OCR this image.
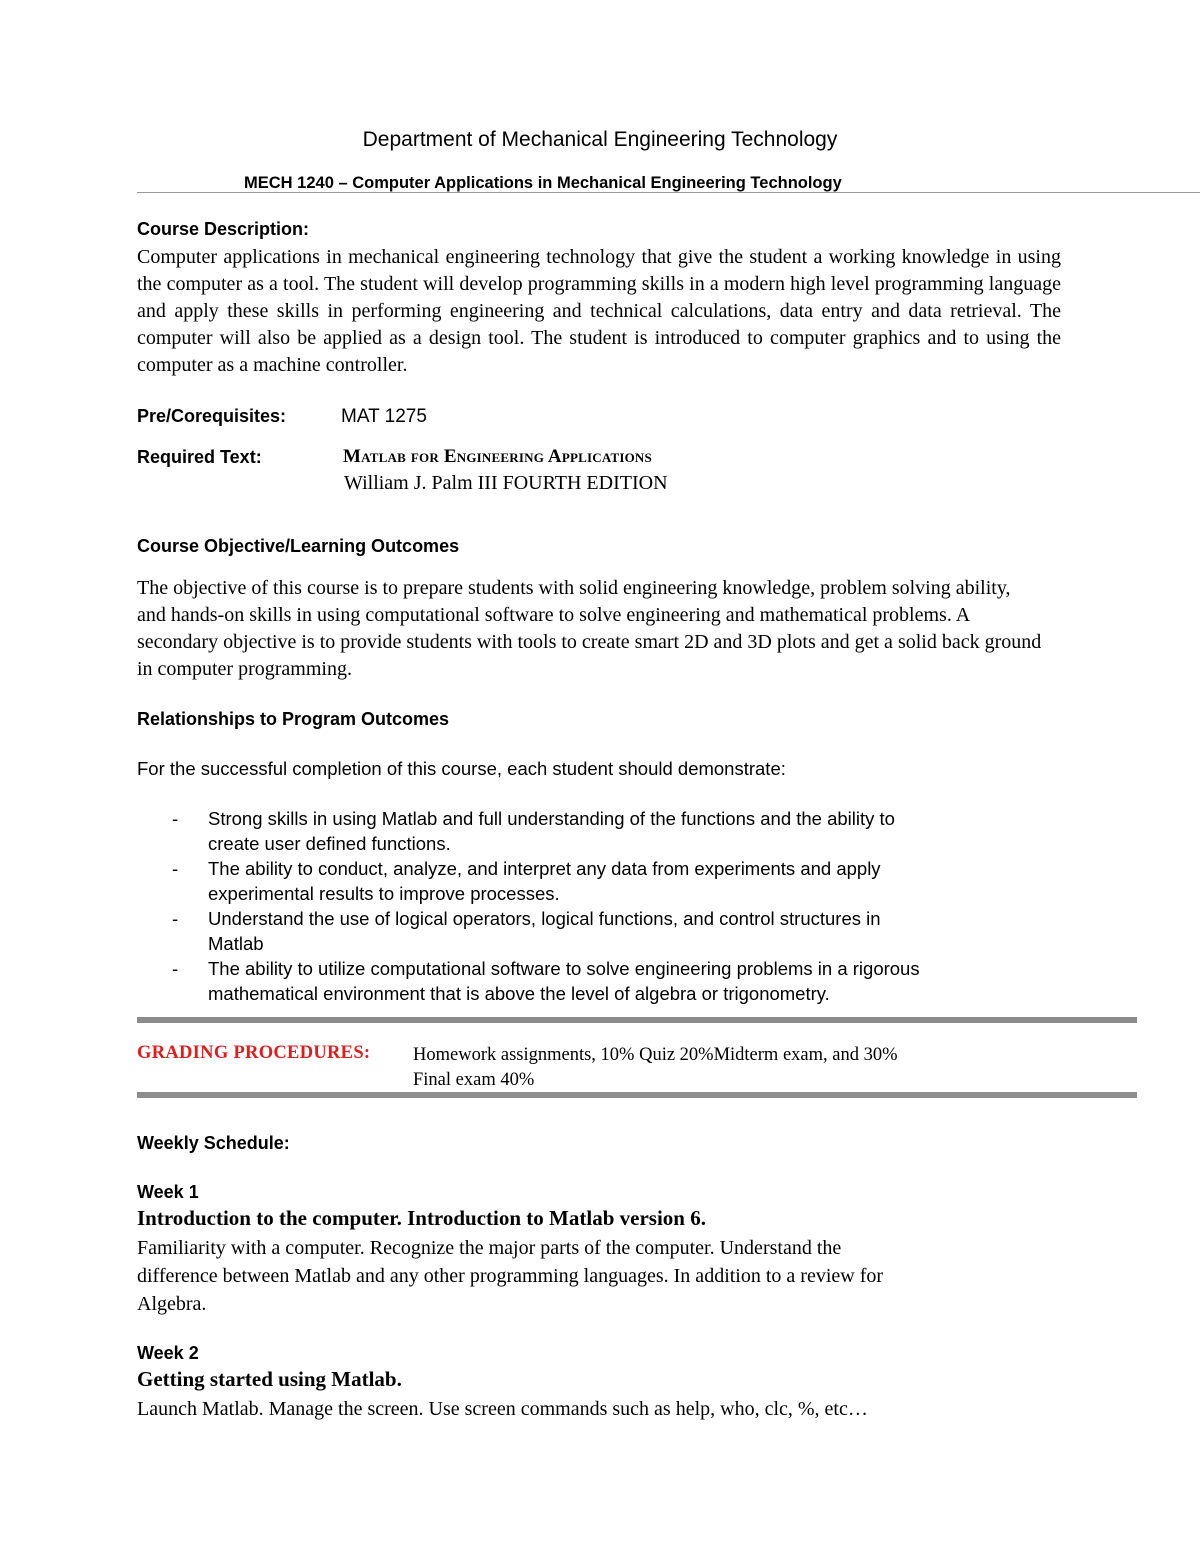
Department of Mechanical Engineering Technology
MECH 1240 – Computer Applications in Mechanical Engineering Technology
Course Description:
Computer applications in mechanical engineering technology that give the student a working knowledge in using the computer as a tool. The student will develop programming skills in a modern high level programming language and apply these skills in performing engineering and technical calculations, data entry and data retrieval. The computer will also be applied as a design tool. The student is introduced to computer graphics and to using the computer as a machine controller.
Pre/Corequisites:	MAT 1275
Required Text:	Matlab for Engineering Applications
William J. Palm III FOURTH EDITION
Course Objective/Learning Outcomes
The objective of this course is to prepare students with solid engineering knowledge, problem solving ability, and hands-on skills in using computational software to solve engineering and mathematical problems. A secondary objective is to provide students with tools to create smart 2D and 3D plots and get a solid back ground in computer programming.
Relationships to Program Outcomes
For the successful completion of this course, each student should demonstrate:
- Strong skills in using Matlab and full understanding of the functions and the ability to
create user defined functions.
- The ability to conduct, analyze, and interpret any data from experiments and apply
experimental results to improve processes.
- Understand the use of logical operators, logical functions, and control structures in
Matlab
- The ability to utilize computational software to solve engineering problems in a rigorous
mathematical environment that is above the level of algebra or trigonometry.
GRADING PROCEDURES: Homework assignments, 10% Quiz 20%Midterm exam, and 30%
Final exam 40%
Weekly Schedule:
Week 1
Introduction to the computer. Introduction to Matlab version 6.
Familiarity with a computer. Recognize the major parts of the computer. Understand the
difference between Matlab and any other programming languages. In addition to a review for
Algebra.
Week 2
Getting started using Matlab.
Launch Matlab. Manage the screen. Use screen commands such as help, who, clc, %, etc…
